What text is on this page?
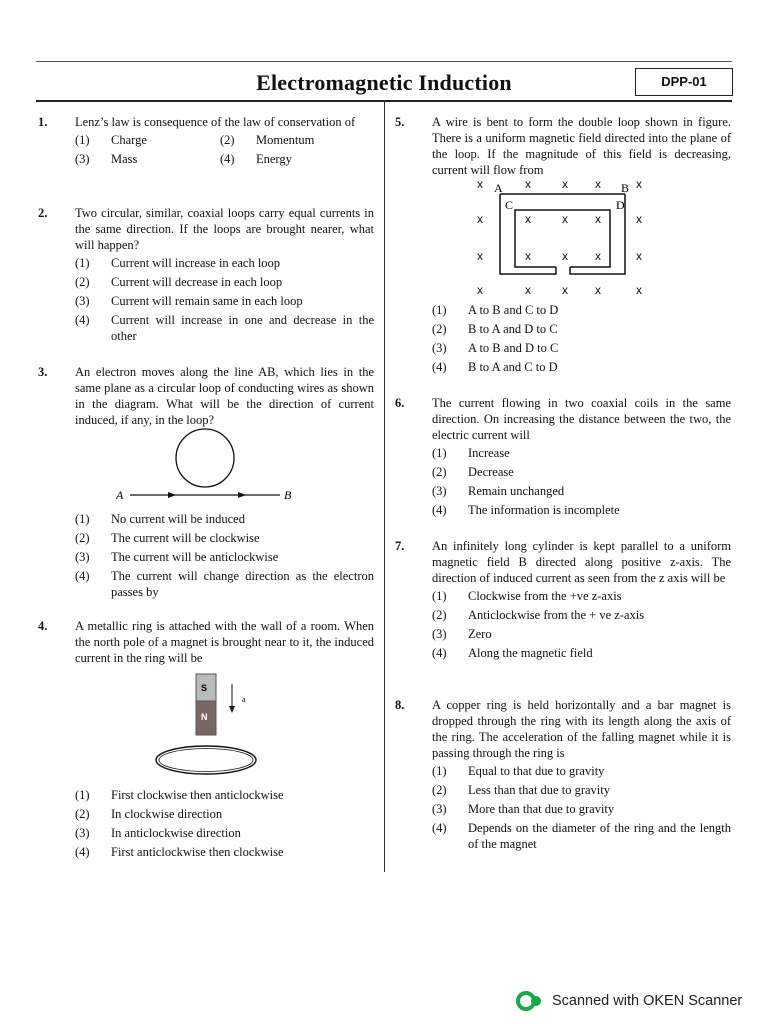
Electromagnetic Induction	DPP-01
1. Lenz’s law is consequence of the law of conservation of
(1) Charge	(2) Momentum
(3) Mass	(4) Energy
2. Two circular, similar, coaxial loops carry equal currents in the same direction. If the loops are brought nearer, what will happen?
(1) Current will increase in each loop
(2) Current will decrease in each loop
(3) Current will remain same in each loop
(4) Current will increase in one and decrease in the other
3. An electron moves along the line AB, which lies in the same plane as a circular loop of conducting wires as shown in the diagram. What will be the direction of current induced, if any, in the loop?
A	B
(1) No current will be induced
(2) The current will be clockwise
(3) The current will be anticlockwise
(4) The current will change direction as the electron passes by
4. A metallic ring is attached with the wall of a room. When the north pole of a magnet is brought near to it, the induced current in the ring will be
S
N
a
(1) First clockwise then anticlockwise
(2) In clockwise direction
(3) In anticlockwise direction
(4) First anticlockwise then clockwise
5. A wire is bent to form the double loop shown in figure. There is a uniform magnetic field directed into the plane of the loop. If the magnitude of this field is decreasing, current will flow from
x	x	x x	x
x	x	x x	x
x	x	x x	x
x	x	x x	x
A	B
C	D
(1) A to B and C to D
(2) B to A and D to C
(3) A to B and D to C
(4) B to A and C to D
6. The current flowing in two coaxial coils in the same direction. On increasing the distance between the two, the electric current will
(1) Increase
(2) Decrease
(3) Remain unchanged
(4) The information is incomplete
7. An infinitely long cylinder is kept parallel to a uniform magnetic field B directed along positive z-axis. The direction of induced current as seen from the z axis will be
(1) Clockwise from the +ve z-axis
(2) Anticlockwise from the + ve z-axis
(3) Zero
(4) Along the magnetic field
8. A copper ring is held horizontally and a bar magnet is dropped through the ring with its length along the axis of the ring. The acceleration of the falling magnet while it is passing through the ring is
(1) Equal to that due to gravity
(2) Less than that due to gravity
(3) More than that due to gravity
(4) Depends on the diameter of the ring and the length of the magnet
Scanned with OKEN Scanner
